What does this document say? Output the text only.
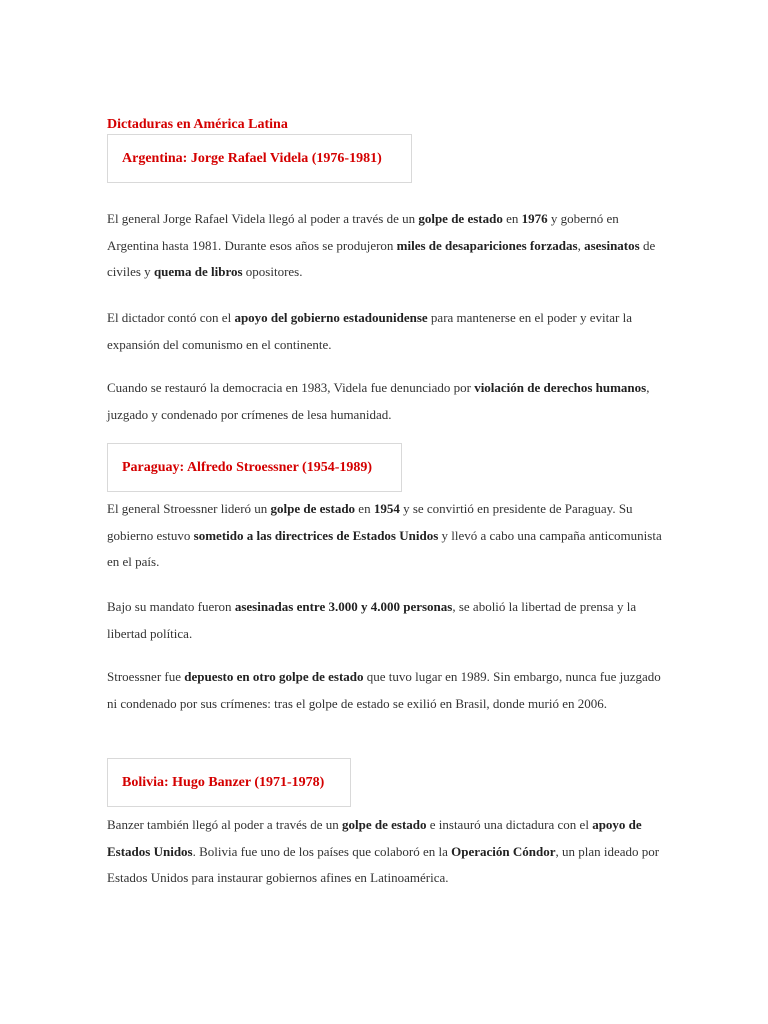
Dictaduras en América Latina
Argentina: Jorge Rafael Videla (1976-1981)

El general Jorge Rafael Videla llegó al poder a través de un golpe de estado en 1976 y gobernó en Argentina hasta 1981. Durante esos años se produjeron miles de desapariciones forzadas, asesinatos de civiles y quema de libros opositores.

El dictador contó con el apoyo del gobierno estadounidense para mantenerse en el poder y evitar la expansión del comunismo en el continente.

Cuando se restauró la democracia en 1983, Videla fue denunciado por violación de derechos humanos, juzgado y condenado por crímenes de lesa humanidad.

Paraguay: Alfredo Stroessner (1954-1989)

El general Stroessner lideró un golpe de estado en 1954 y se convirtió en presidente de Paraguay. Su gobierno estuvo sometido a las directrices de Estados Unidos y llevó a cabo una campaña anticomunista en el país.

Bajo su mandato fueron asesinadas entre 3.000 y 4.000 personas, se abolió la libertad de prensa y la libertad política.

Stroessner fue depuesto en otro golpe de estado que tuvo lugar en 1989. Sin embargo, nunca fue juzgado ni condenado por sus crímenes: tras el golpe de estado se exilió en Brasil, donde murió en 2006.

Bolivia: Hugo Banzer (1971-1978)

Banzer también llegó al poder a través de un golpe de estado e instauró una dictadura con el apoyo de Estados Unidos. Bolivia fue uno de los países que colaboró en la Operación Cóndor, un plan ideado por Estados Unidos para instaurar gobiernos afines en Latinoamérica.
